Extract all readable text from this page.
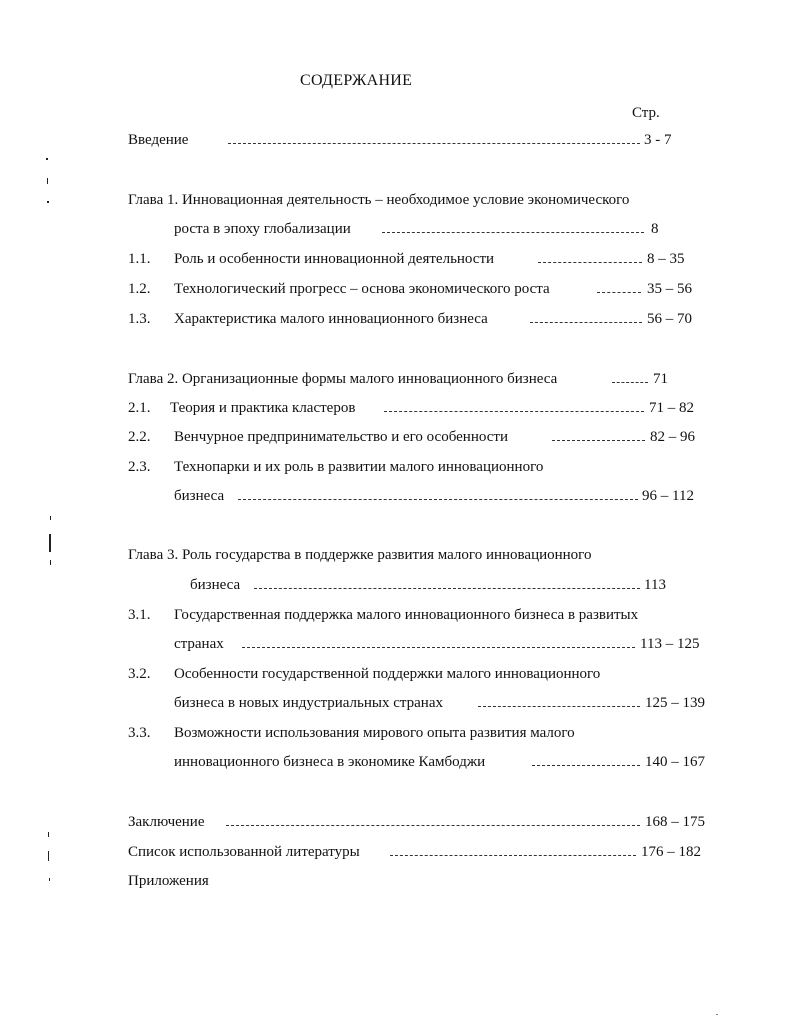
СОДЕРЖАНИЕ
Стр.
Введение	3 - 7
Глава 1. Инновационная деятельность – необходимое условие экономического
роста в эпоху глобализации	8
1.1. Роль и особенности инновационной деятельности	8 – 35
1.2. Технологический прогресс – основа экономического роста	35 – 56
1.3. Характеристика малого инновационного бизнеса	56 – 70
Глава 2. Организационные формы малого инновационного бизнеса	71
2.1. Теория и практика кластеров	71 – 82
2.2. Венчурное предпринимательство и его особенности	82 – 96
2.3. Технопарки и их роль в развитии малого инновационного
бизнеса	96 – 112
Глава 3. Роль государства в поддержке развития малого инновационного
бизнеса	113
3.1. Государственная поддержка малого инновационного бизнеса в развитых
странах	113 – 125
3.2. Особенности государственной поддержки малого инновационного
бизнеса в новых индустриальных странах	125 – 139
3.3. Возможности использования мирового опыта развития малого
инновационного бизнеса в экономике Камбоджи	140 – 167
Заключение	168 – 175
Список использованной литературы	176 – 182
Приложения
